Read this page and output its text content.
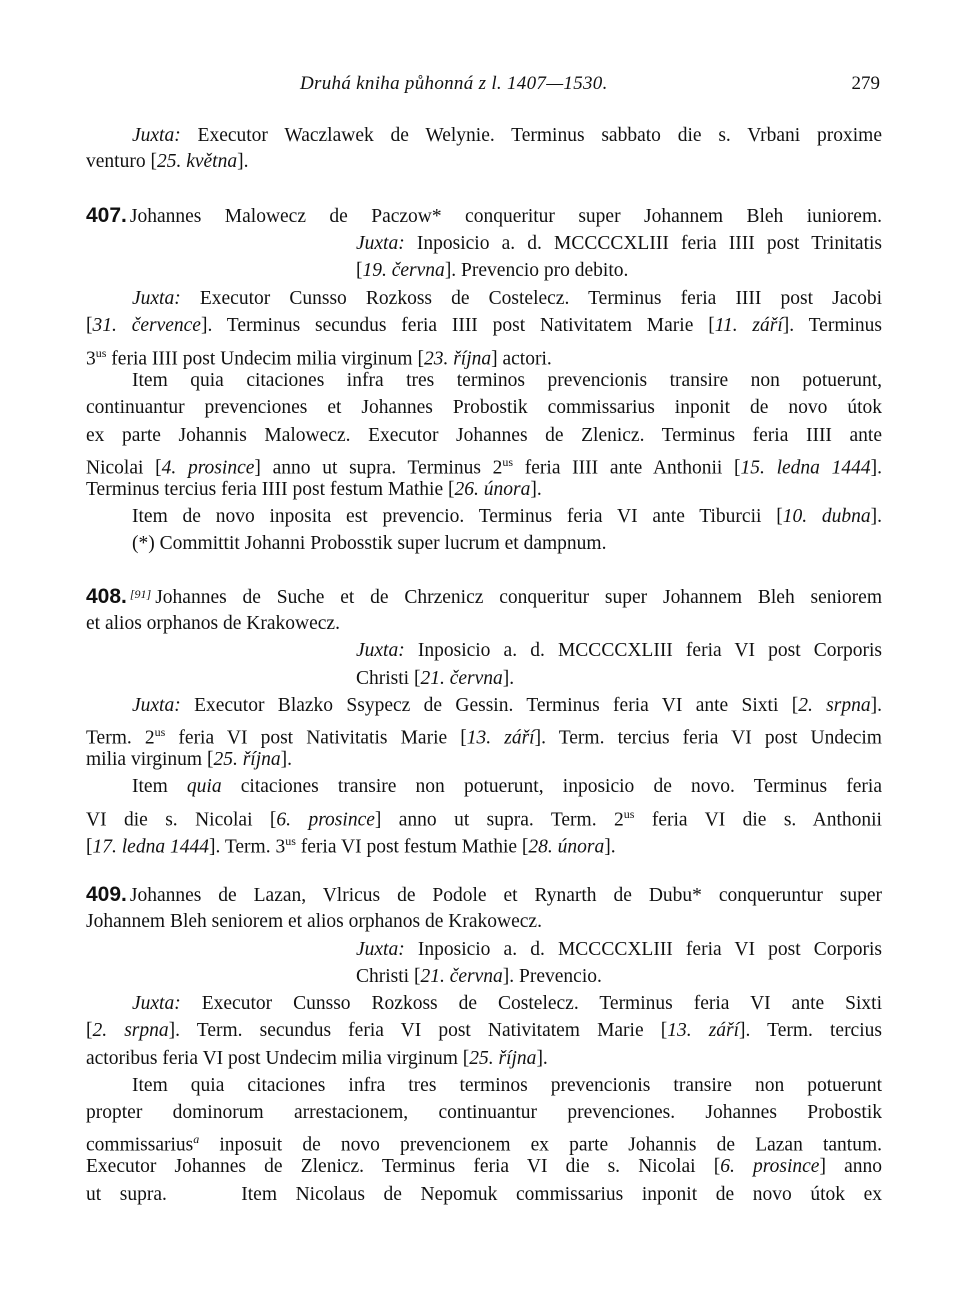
Druhá kniha půhonná z l. 1407—1530.	279
Juxta: Executor Waczlawek de Welynie. Terminus sabbato die s. Vrbani proxime
venturo [25. května].
407. Johannes Malowecz de Paczow* conqueritur super Johannem Bleh iuniorem.
Juxta: Inposicio a. d. MCCCCXLIII feria IIII post Trinitatis
[19. června]. Prevencio pro debito.
Juxta: Executor Cunsso Rozkoss de Costelecz. Terminus feria IIII post Jacobi
[31. července]. Terminus secundus feria IIII post Nativitatem Marie [11. září]. Terminus
$3^{us}$ feria IIII post Undecim milia virginum [23. října] actori.
Item quia citaciones infra tres terminos prevencionis transire non potuerunt,
continuantur prevenciones et Johannes Probostik commissarius inponit de novo útok
ex parte Johannis Malowecz. Executor Johannes de Zlenicz. Terminus feria IIII ante
Nicolai [4. prosince] anno ut supra. Terminus $2^{us}$ feria IIII ante Anthonii [15. ledna 1444].
Terminus tercius feria IIII post festum Mathie [26. února].
Item de novo inposita est prevencio. Terminus feria VI ante Tiburcii [10. dubna].
(*) Committit Johanni Probosstik super lucrum et dampnum.
408. [91] Johannes de Suche et de Chrzenicz conqueritur super Johannem Bleh seniorem
et alios orphanos de Krakowecz.
Juxta: Inposicio a. d. MCCCCXLIII feria VI post Corporis
Christi [21. června].
Juxta: Executor Blazko Ssypecz de Gessin. Terminus feria VI ante Sixti [2. srpna].
Term. $2^{us}$ feria VI post Nativitatis Marie [13. září]. Term. tercius feria VI post Undecim
milia virginum [25. října].
Item quia citaciones transire non potuerunt, inposicio de novo. Terminus feria
VI die s. Nicolai [6. prosince] anno ut supra. Term. $2^{us}$ feria VI die s. Anthonii
[17. ledna 1444]. Term. $3^{us}$ feria VI post festum Mathie [28. února].
409. Johannes de Lazan, Vlricus de Podole et Rynarth de Dubu* conqueruntur super
Johannem Bleh seniorem et alios orphanos de Krakowecz.
Juxta: Inposicio a. d. MCCCCXLIII feria VI post Corporis
Christi [21. června]. Prevencio.
Juxta: Executor Cunsso Rozkoss de Costelecz. Terminus feria VI ante Sixti
[2. srpna]. Term. secundus feria VI post Nativitatem Marie [13. září]. Term. tercius
actoribus feria VI post Undecim milia virginum [25. října].
Item quia citaciones infra tres terminos prevencionis transire non potuerunt
propter dominorum arrestacionem, continuantur prevenciones. Johannes Probostik
commissarius$^a$ inposuit de novo prevencionem ex parte Johannis de Lazan tantum.
Executor Johannes de Zlenicz. Terminus feria VI die s. Nicolai [6. prosince] anno
ut supra.    Item Nicolaus de Nepomuk commissarius inponit de novo útok ex
